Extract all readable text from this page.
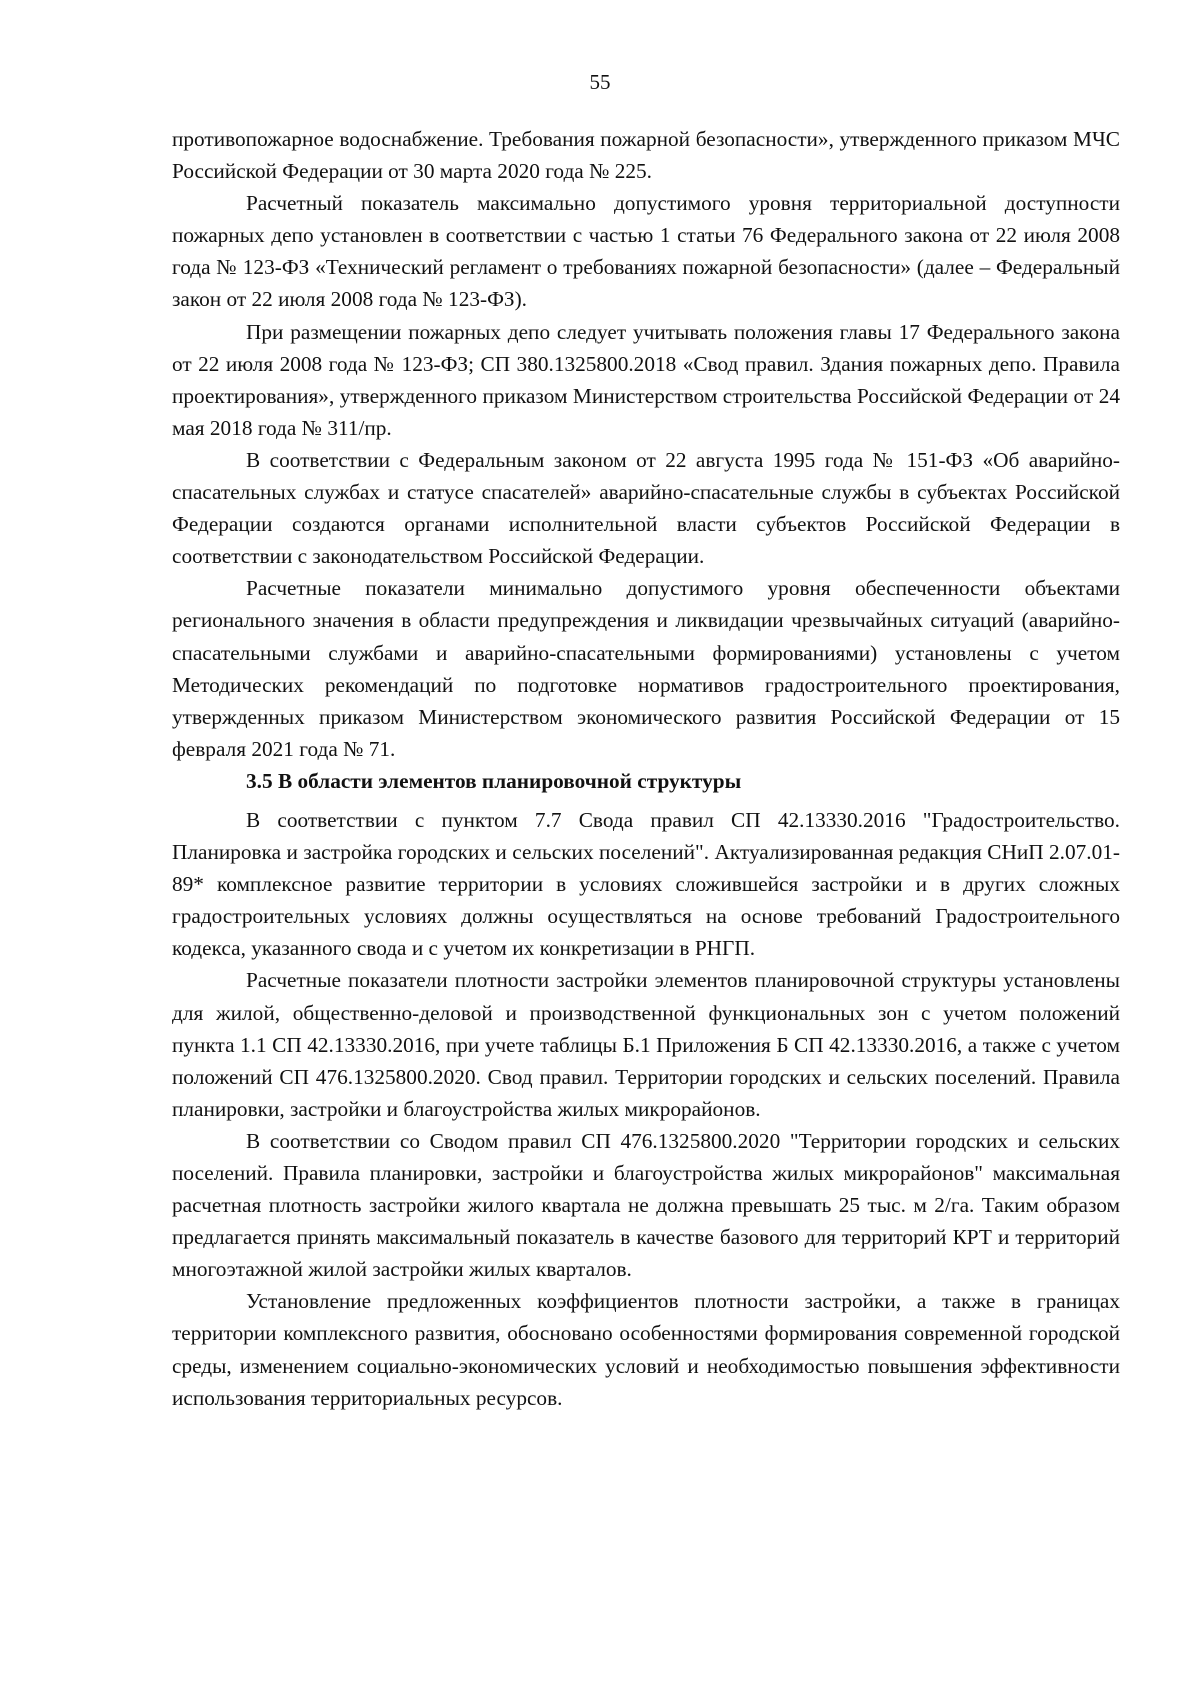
55

противопожарное водоснабжение. Требования пожарной безопасности», утвержденного приказом МЧС Российской Федерации от 30 марта 2020 года № 225.

Расчетный показатель максимально допустимого уровня территориальной доступности пожарных депо установлен в соответствии с частью 1 статьи 76 Федерального закона от 22 июля 2008 года № 123-ФЗ «Технический регламент о требованиях пожарной безопасности» (далее – Федеральный закон от 22 июля 2008 года № 123-ФЗ).

При размещении пожарных депо следует учитывать положения главы 17 Федерального закона от 22 июля 2008 года № 123-ФЗ; СП 380.1325800.2018 «Свод правил. Здания пожарных депо. Правила проектирования», утвержденного приказом Министерством строительства Российской Федерации от 24 мая 2018 года № 311/пр.

В соответствии с Федеральным законом от 22 августа 1995 года № 151-ФЗ «Об аварийно-спасательных службах и статусе спасателей» аварийно-спасательные службы в субъектах Российской Федерации создаются органами исполнительной власти субъектов Российской Федерации в соответствии с законодательством Российской Федерации.

Расчетные показатели минимально допустимого уровня обеспеченности объектами регионального значения в области предупреждения и ликвидации чрезвычайных ситуаций (аварийно-спасательными службами и аварийно-спасательными формированиями) установлены с учетом Методических рекомендаций по подготовке нормативов градостроительного проектирования, утвержденных приказом Министерством экономического развития Российской Федерации от 15 февраля 2021 года № 71.

3.5 В области элементов планировочной структуры

В соответствии с пунктом 7.7 Свода правил СП 42.13330.2016 "Градостроительство. Планировка и застройка городских и сельских поселений". Актуализированная редакция СНиП 2.07.01-89* комплексное развитие территории в условиях сложившейся застройки и в других сложных градостроительных условиях должны осуществляться на основе требований Градостроительного кодекса, указанного свода и с учетом их конкретизации в РНГП.

Расчетные показатели плотности застройки элементов планировочной структуры установлены для жилой, общественно-деловой и производственной функциональных зон с учетом положений пункта 1.1 СП 42.13330.2016, при учете таблицы Б.1 Приложения Б СП 42.13330.2016, а также с учетом положений СП 476.1325800.2020. Свод правил. Территории городских и сельских поселений. Правила планировки, застройки и благоустройства жилых микрорайонов.

В соответствии со Сводом правил СП 476.1325800.2020 "Территории городских и сельских поселений. Правила планировки, застройки и благоустройства жилых микрорайонов" максимальная расчетная плотность застройки жилого квартала не должна превышать 25 тыс. м 2/га. Таким образом предлагается принять максимальный показатель в качестве базового для территорий КРТ и территорий многоэтажной жилой застройки жилых кварталов.

Установление предложенных коэффициентов плотности застройки, а также в границах территории комплексного развития, обосновано особенностями формирования современной городской среды, изменением социально-экономических условий и необходимостью повышения эффективности использования территориальных ресурсов.
